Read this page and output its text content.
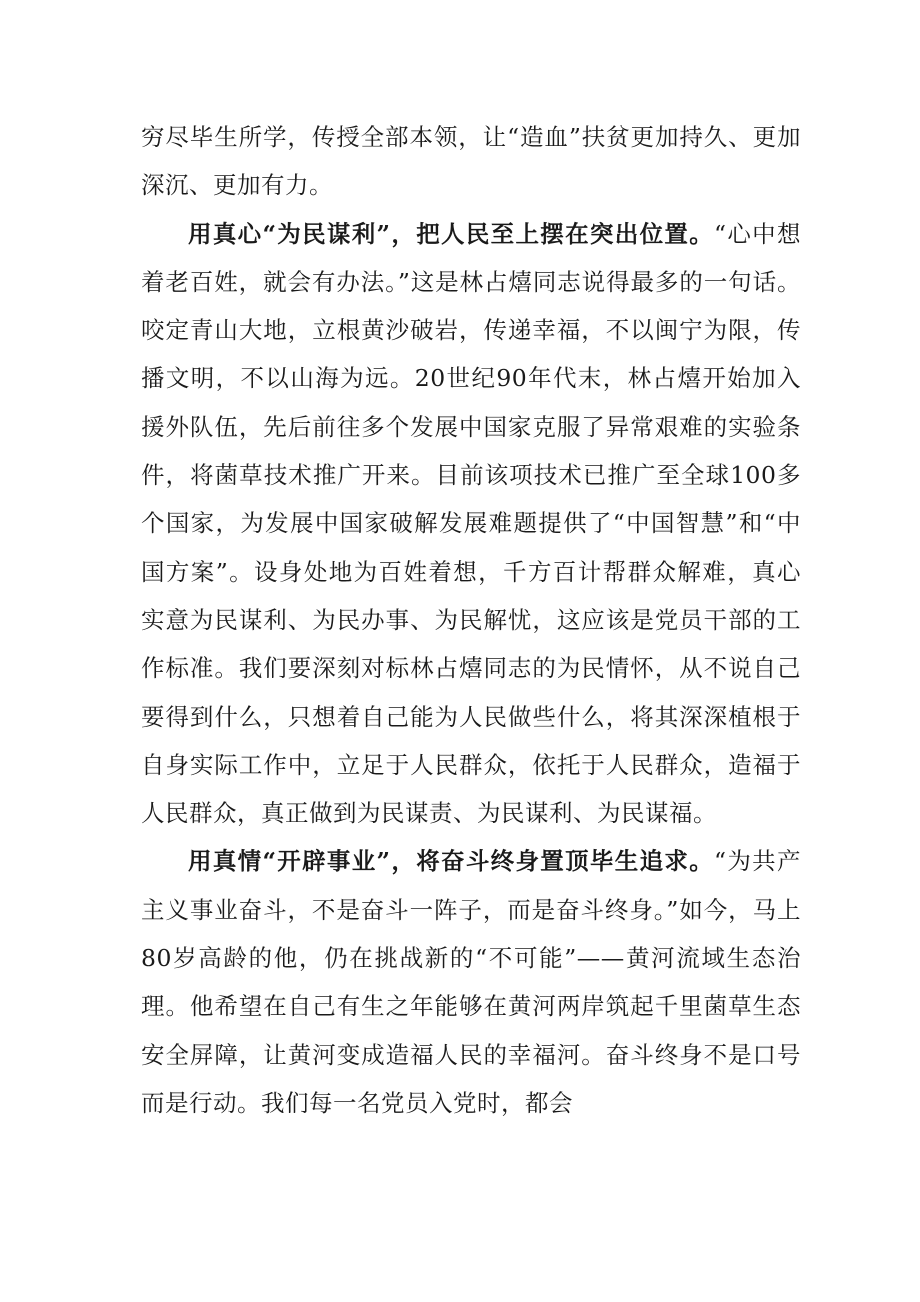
穷尽毕生所学，传授全部本领，让“造血”扶贫更加持久、更加深沉、更加有力。

用真心“为民谋利”，把人民至上摆在突出位置。“心中想着老百姓，就会有办法。”这是林占熺同志说得最多的一句话。咬定青山大地，立根黄沙破岩，传递幸福，不以闽宁为限，传播文明，不以山海为远。20世纪90年代末，林占熺开始加入援外队伍，先后前往多个发展中国家克服了异常艰难的实验条件，将菌草技术推广开来。目前该项技术已推广至全球100多个国家，为发展中国家破解发展难题提供了“中国智慧”和“中国方案”。设身处地为百姓着想，千方百计帮群众解难，真心实意为民谋利、为民办事、为民解忧，这应该是党员干部的工作标准。我们要深刻对标林占熺同志的为民情怀，从不说自己要得到什么，只想着自己能为人民做些什么，将其深深植根于自身实际工作中，立足于人民群众，依托于人民群众，造福于人民群众，真正做到为民谋责、为民谋利、为民谋福。

用真情“开辟事业”，将奋斗终身置顶毕生追求。“为共产主义事业奋斗，不是奋斗一阵子，而是奋斗终身。”如今，马上80岁高龄的他，仍在挑战新的“不可能”——黄河流域生态治理。他希望在自己有生之年能够在黄河两岸筑起千里菌草生态安全屏障，让黄河变成造福人民的幸福河。奋斗终身不是口号而是行动。我们每一名党员入党时，都会
